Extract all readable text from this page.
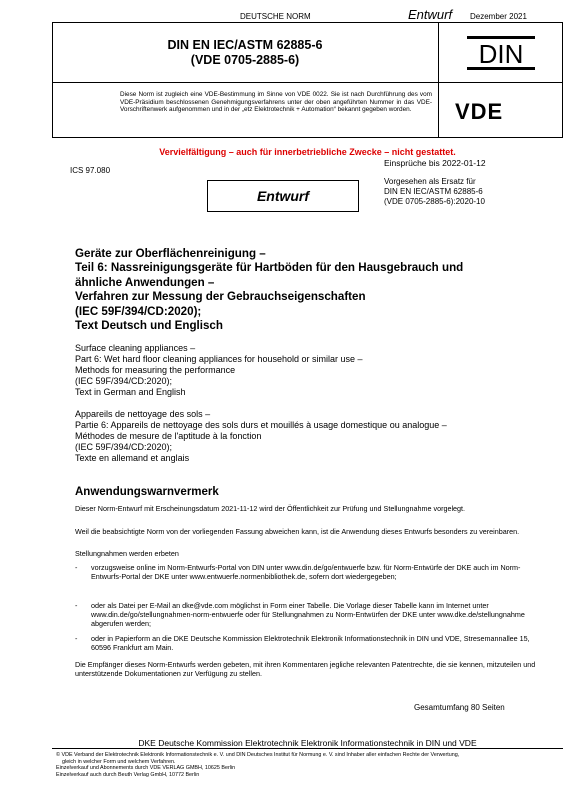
DEUTSCHE NORM	Entwurf Dezember 2021
DIN EN IEC/ASTM 62885-6
(VDE 0705-2885-6)
Diese Norm ist zugleich eine VDE-Bestimmung im Sinne von VDE 0022. Sie ist nach Durchführung des vom VDE-Präsidium beschlossenen Genehmigungsverfahrens unter der oben angeführten Nummer in das VDE-Vorschriftenwerk aufgenommen und in der „etz Elektrotechnik + Automation“ bekannt gegeben worden.
DIN
VDE
Vervielfältigung – auch für innerbetriebliche Zwecke – nicht gestattet.
Einsprüche bis 2022-01-12
ICS 97.080
Vorgesehen als Ersatz für
DIN EN IEC/ASTM 62885-6
(VDE 0705-2885-6):2020-10
Entwurf
Geräte zur Oberflächenreinigung –
Teil 6: Nassreinigungsgeräte für Hartböden für den Hausgebrauch und
ähnliche Anwendungen –
Verfahren zur Messung der Gebrauchseigenschaften
(IEC 59F/394/CD:2020);
Text Deutsch und Englisch
Surface cleaning appliances –
Part 6: Wet hard floor cleaning appliances for household or similar use –
Methods for measuring the performance
(IEC 59F/394/CD:2020);
Text in German and English
Appareils de nettoyage des sols –
Partie 6: Appareils de nettoyage des sols durs et mouillés à usage domestique ou analogue –
Méthodes de mesure de l'aptitude à la fonction
(IEC 59F/394/CD:2020);
Texte en allemand et anglais
Anwendungswarnvermerk
Dieser Norm-Entwurf mit Erscheinungsdatum 2021-11-12 wird der Öffentlichkeit zur Prüfung und Stellungnahme vorgelegt.
Weil die beabsichtigte Norm von der vorliegenden Fassung abweichen kann, ist die Anwendung dieses Entwurfs besonders zu vereinbaren.
Stellungnahmen werden erbeten
- vorzugsweise online im Norm-Entwurfs-Portal von DIN unter www.din.de/go/entwuerfe bzw. für Norm-Entwürfe der DKE auch im Norm-Entwurfs-Portal der DKE unter www.entwuerfe.normenbibliothek.de, sofern dort wiedergegeben;
- oder als Datei per E-Mail an dke@vde.com möglichst in Form einer Tabelle. Die Vorlage dieser Tabelle kann im Internet unter www.din.de/go/stellungnahmen-norm-entwuerfe oder für Stellungnahmen zu Norm-Entwürfen der DKE unter www.dke.de/stellungnahme abgerufen werden;
- oder in Papierform an die DKE Deutsche Kommission Elektrotechnik Elektronik Informationstechnik in DIN und VDE, Stresemannallee 15, 60596 Frankfurt am Main.
Die Empfänger dieses Norm-Entwurfs werden gebeten, mit ihren Kommentaren jegliche relevanten Patentrechte, die sie kennen, mitzuteilen und unterstützende Dokumentationen zur Verfügung zu stellen.
Gesamtumfang 80 Seiten
DKE Deutsche Kommission Elektrotechnik Elektronik Informationstechnik in DIN und VDE
© VDE Verband der Elektrotechnik Elektronik Informationstechnik e. V. und DIN Deutsches Institut für Normung e. V. sind Inhaber aller einfachen Rechte der Verwertung,
gleich in welcher Form und welchem Verfahren.
Einzelverkauf und Abonnements durch VDE VERLAG GMBH, 10625 Berlin
Einzelverkauf auch durch Beuth Verlag GmbH, 10772 Berlin
